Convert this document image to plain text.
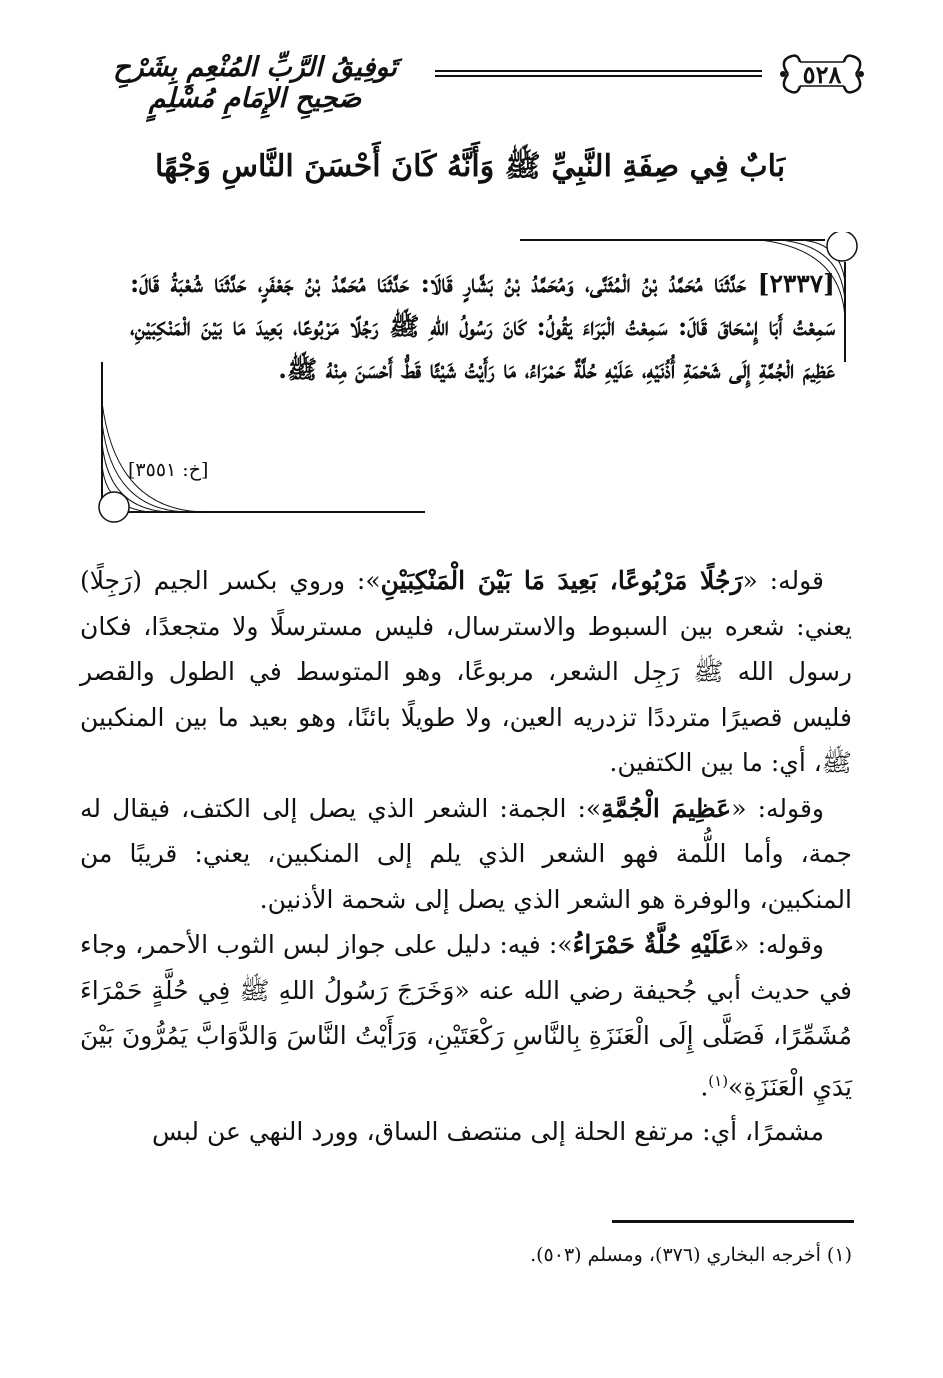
٥٢٨
تَوفِيقُ الرَّبِّ المُنْعِمِ بِشَرْحِ صَحِيحِ الإِمَامِ مُسْلِمٍ
بَابٌ فِي صِفَةِ النَّبِيِّ ﷺ وَأَنَّهُ كَانَ أَحْسَنَ النَّاسِ وَجْهًا
[٢٣٣٧] حَدَّثَنَا مُحَمَّدُ بْنُ الْمُثَنَّى، وَمُحَمَّدُ بْنُ بَشَّارٍ قَالَا: حَدَّثَنَا مُحَمَّدُ بْنُ جَعْفَرٍ، حَدَّثَنَا شُعْبَةُ قَالَ: سَمِعْتُ أَبَا إِسْحَاقَ قَالَ: سَمِعْتُ الْبَرَاءَ يَقُولُ: كَانَ رَسُولُ اللهِ ﷺ رَجُلًا مَرْبُوعًا، بَعِيدَ مَا بَيْنَ الْمَنْكِبَيْنِ، عَظِيمَ الْجُمَّةِ إِلَى شَحْمَةِ أُذُنَيْهِ، عَلَيْهِ حُلَّةٌ حَمْرَاءُ، مَا رَأَيْتُ شَيْئًا قَطُّ أَحْسَنَ مِنْهُ ﷺ.
[خ: ٣٥٥١]

قوله: «رَجُلًا مَرْبُوعًا، بَعِيدَ مَا بَيْنَ الْمَنْكِبَيْنِ»: وروي بكسر الجيم (رَجِلًا) يعني: شعره بين السبوط والاسترسال، فليس مسترسلًا ولا متجعدًا، فكان رسول الله ﷺ رَجِل الشعر، مربوعًا، وهو المتوسط في الطول والقصر فليس قصيرًا مترددًا تزدريه العين، ولا طويلًا بائنًا، وهو بعيد ما بين المنكبين ﷺ، أي: ما بين الكتفين.

وقوله: «عَظِيمَ الْجُمَّةِ»: الجمة: الشعر الذي يصل إلى الكتف، فيقال له جمة، وأما اللُّمة فهو الشعر الذي يلم إلى المنكبين، يعني: قريبًا من المنكبين، والوفرة هو الشعر الذي يصل إلى شحمة الأذنين.

وقوله: «عَلَيْهِ حُلَّةٌ حَمْرَاءُ»: فيه: دليل على جواز لبس الثوب الأحمر، وجاء في حديث أبي جُحيفة رضي الله عنه «وَخَرَجَ رَسُولُ اللهِ ﷺ فِي حُلَّةٍ حَمْرَاءَ مُشَمِّرًا، فَصَلَّى إِلَى الْعَنَزَةِ بِالنَّاسِ رَكْعَتَيْنِ، وَرَأَيْتُ النَّاسَ وَالدَّوَابَّ يَمُرُّونَ بَيْنَ يَدَيِ الْعَنَزَةِ»$^{(١)}$.

مشمرًا، أي: مرتفع الحلة إلى منتصف الساق، وورد النهي عن لبس

(١) أخرجه البخاري (٣٧٦)، ومسلم (٥٠٣).
